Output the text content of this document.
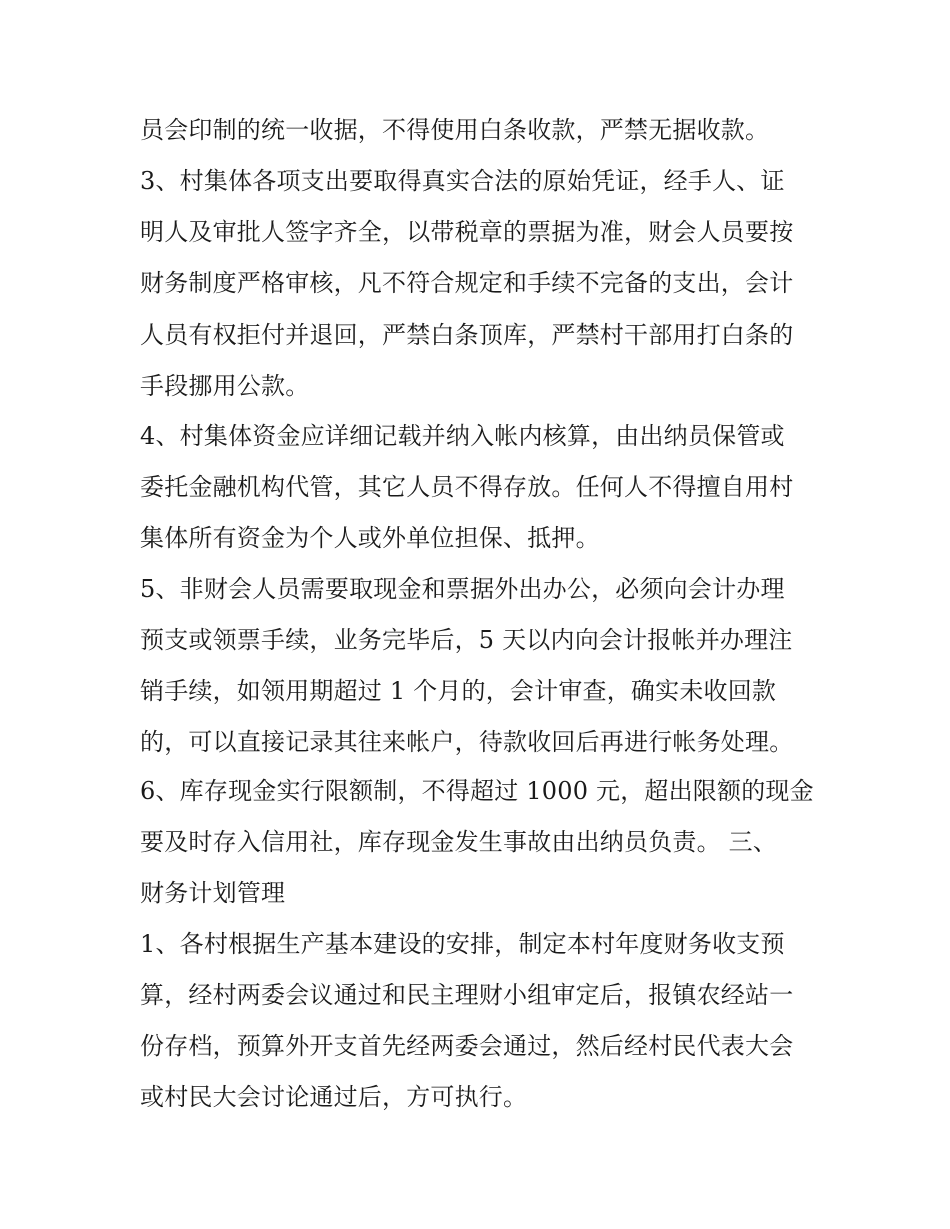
员会印制的统一收据，不得使用白条收款，严禁无据收款。

3、村集体各项支出要取得真实合法的原始凭证，经手人、证

明人及审批人签字齐全，以带税章的票据为准，财会人员要按

财务制度严格审核，凡不符合规定和手续不完备的支出，会计

人员有权拒付并退回，严禁白条顶库，严禁村干部用打白条的

手段挪用公款。

4、村集体资金应详细记载并纳入帐内核算，由出纳员保管或

委托金融机构代管，其它人员不得存放。任何人不得擅自用村

集体所有资金为个人或外单位担保、抵押。

5、非财会人员需要取现金和票据外出办公，必须向会计办理

预支或领票手续，业务完毕后，5 天以内向会计报帐并办理注

销手续，如领用期超过 1 个月的，会计审查，确实未收回款

的，可以直接记录其往来帐户，待款收回后再进行帐务处理。

6、库存现金实行限额制，不得超过 1000 元，超出限额的现金

要及时存入信用社，库存现金发生事故由出纳员负责。 三、

财务计划管理

1、各村根据生产基本建设的安排，制定本村年度财务收支预

算，经村两委会议通过和民主理财小组审定后，报镇农经站一

份存档，预算外开支首先经两委会通过，然后经村民代表大会

或村民大会讨论通过后，方可执行。
